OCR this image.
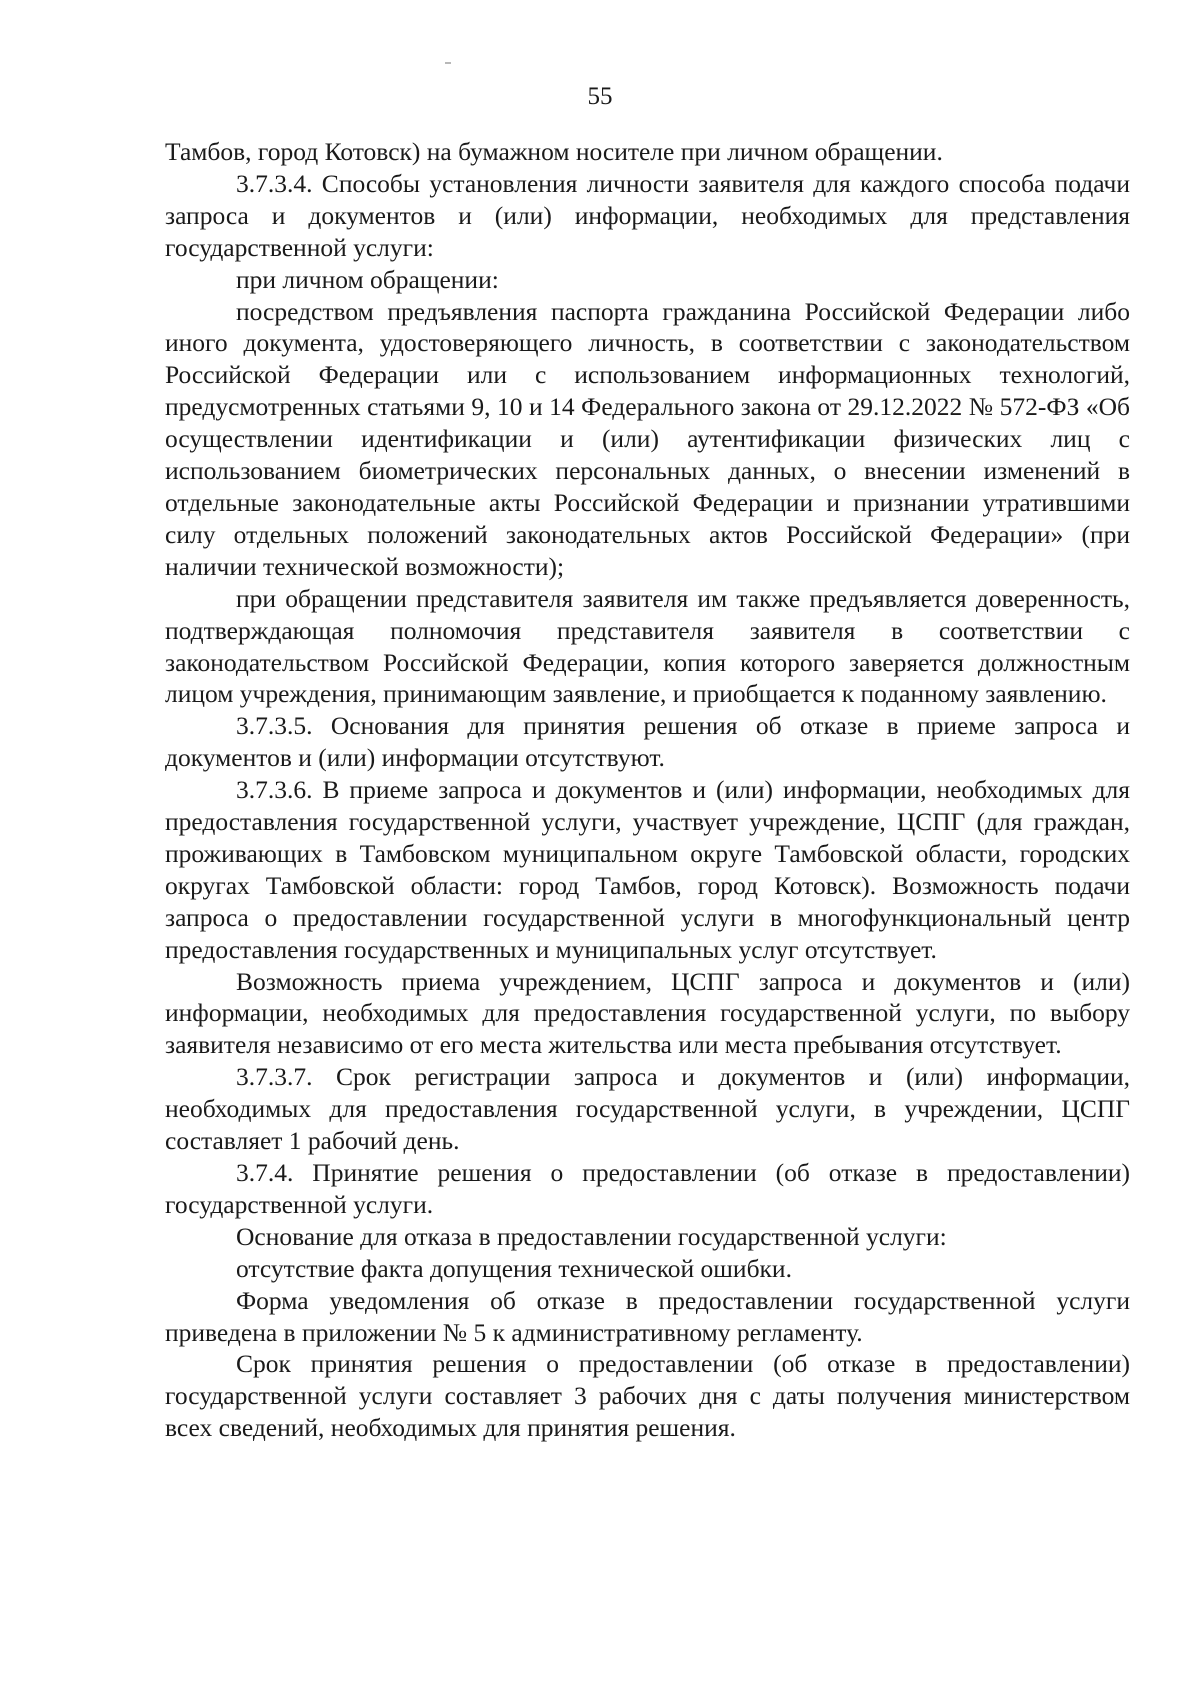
55

Тамбов, город Котовск) на бумажном носителе при личном обращении.

3.7.3.4. Способы установления личности заявителя для каждого способа подачи запроса и документов и (или) информации, необходимых для представления государственной услуги:

при личном обращении:

посредством предъявления паспорта гражданина Российской Федерации либо иного документа, удостоверяющего личность, в соответствии с законодательством Российской Федерации или с использованием информационных технологий, предусмотренных статьями 9, 10 и 14 Федерального закона от 29.12.2022 № 572-ФЗ «Об осуществлении идентификации и (или) аутентификации физических лиц с использованием биометрических персональных данных, о внесении изменений в отдельные законодательные акты Российской Федерации и признании утратившими силу отдельных положений законодательных актов Российской Федерации» (при наличии технической возможности);

при обращении представителя заявителя им также предъявляется доверенность, подтверждающая полномочия представителя заявителя в соответствии с законодательством Российской Федерации, копия которого заверяется должностным лицом учреждения, принимающим заявление, и приобщается к поданному заявлению.

3.7.3.5. Основания для принятия решения об отказе в приеме запроса и документов и (или) информации отсутствуют.

3.7.3.6. В приеме запроса и документов и (или) информации, необходимых для предоставления государственной услуги, участвует учреждение, ЦСПГ (для граждан, проживающих в Тамбовском муниципальном округе Тамбовской области, городских округах Тамбовской области: город Тамбов, город Котовск). Возможность подачи запроса о предоставлении государственной услуги в многофункциональный центр предоставления государственных и муниципальных услуг отсутствует.

Возможность приема учреждением, ЦСПГ запроса и документов и (или) информации, необходимых для предоставления государственной услуги, по выбору заявителя независимо от его места жительства или места пребывания отсутствует.

3.7.3.7. Срок регистрации запроса и документов и (или) информации, необходимых для предоставления государственной услуги, в учреждении, ЦСПГ составляет 1 рабочий день.

3.7.4. Принятие решения о предоставлении (об отказе в предоставлении) государственной услуги.

Основание для отказа в предоставлении государственной услуги:

отсутствие факта допущения технической ошибки.

Форма уведомления об отказе в предоставлении государственной услуги приведена в приложении № 5 к административному регламенту.

Срок принятия решения о предоставлении (об отказе в предоставлении) государственной услуги составляет 3 рабочих дня с даты получения министерством всех сведений, необходимых для принятия решения.
